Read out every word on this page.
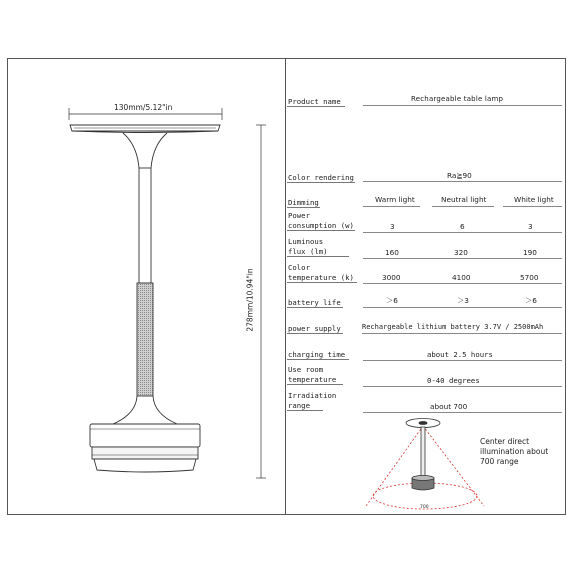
130mm/5.12"in
278mm/10.94"in
Product name	Rechargeable table lamp
Color rendering	Ra≧90
Dimming	Warm light	Neutral light	White light
Power
consumption (w)	3	6	3
Luminous
flux (lm)	160	320	190
Color
temperature (k)	3000	4100	5700
battery life	＞6	＞3	＞6
power supply	Rechargeable lithium battery 3.7V / 2500mAh
charging time	about 2.5 hours
Use room
temperature	0-40 degrees
Irradiation
range	about 700
Center direct
illumination about
700 range
700
